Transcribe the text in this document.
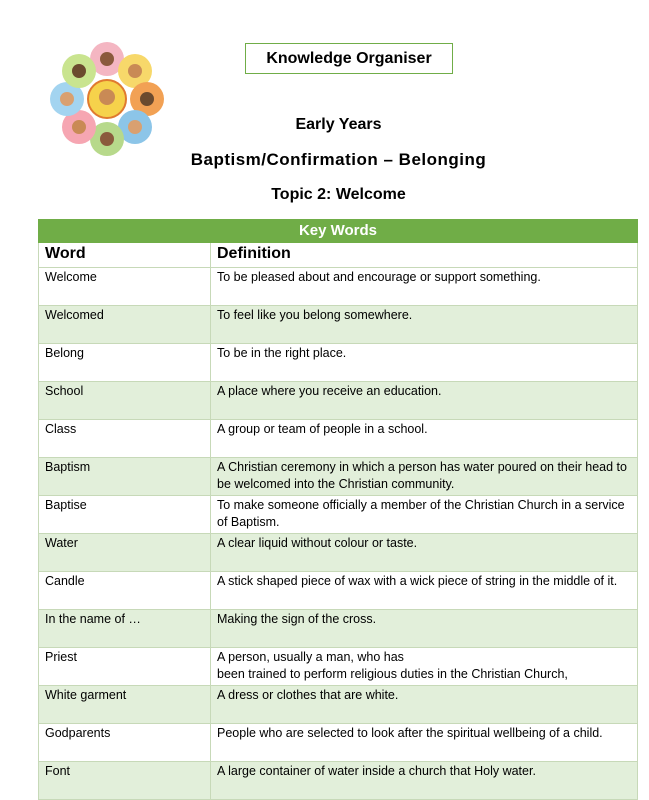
Knowledge Organiser
Early Years
Baptism/Confirmation – Belonging
Topic 2: Welcome
Key Words	
Word	Definition
Welcome	To be pleased about and encourage or support something.
Welcomed	To feel like you belong somewhere.
Belong	To be in the right place.
School	A place where you receive an education.
Class	A group or team of people in a school.
Baptism	A Christian ceremony in which a person has water poured on their head to be welcomed into the Christian community.
Baptise	To make someone officially a member of the Christian Church in a service of Baptism.
Water	A clear liquid without colour or taste.
Candle	A stick shaped piece of wax with a wick piece of string in the middle of it.
In the name of …	Making the sign of the cross.
Priest	A person, usually a man, who has
been trained to perform religious duties in the Christian Church,
White garment	A dress or clothes that are white.
Godparents	People who are selected to look after the spiritual wellbeing of a child.
Font	A large container of water inside a church that Holy water.
